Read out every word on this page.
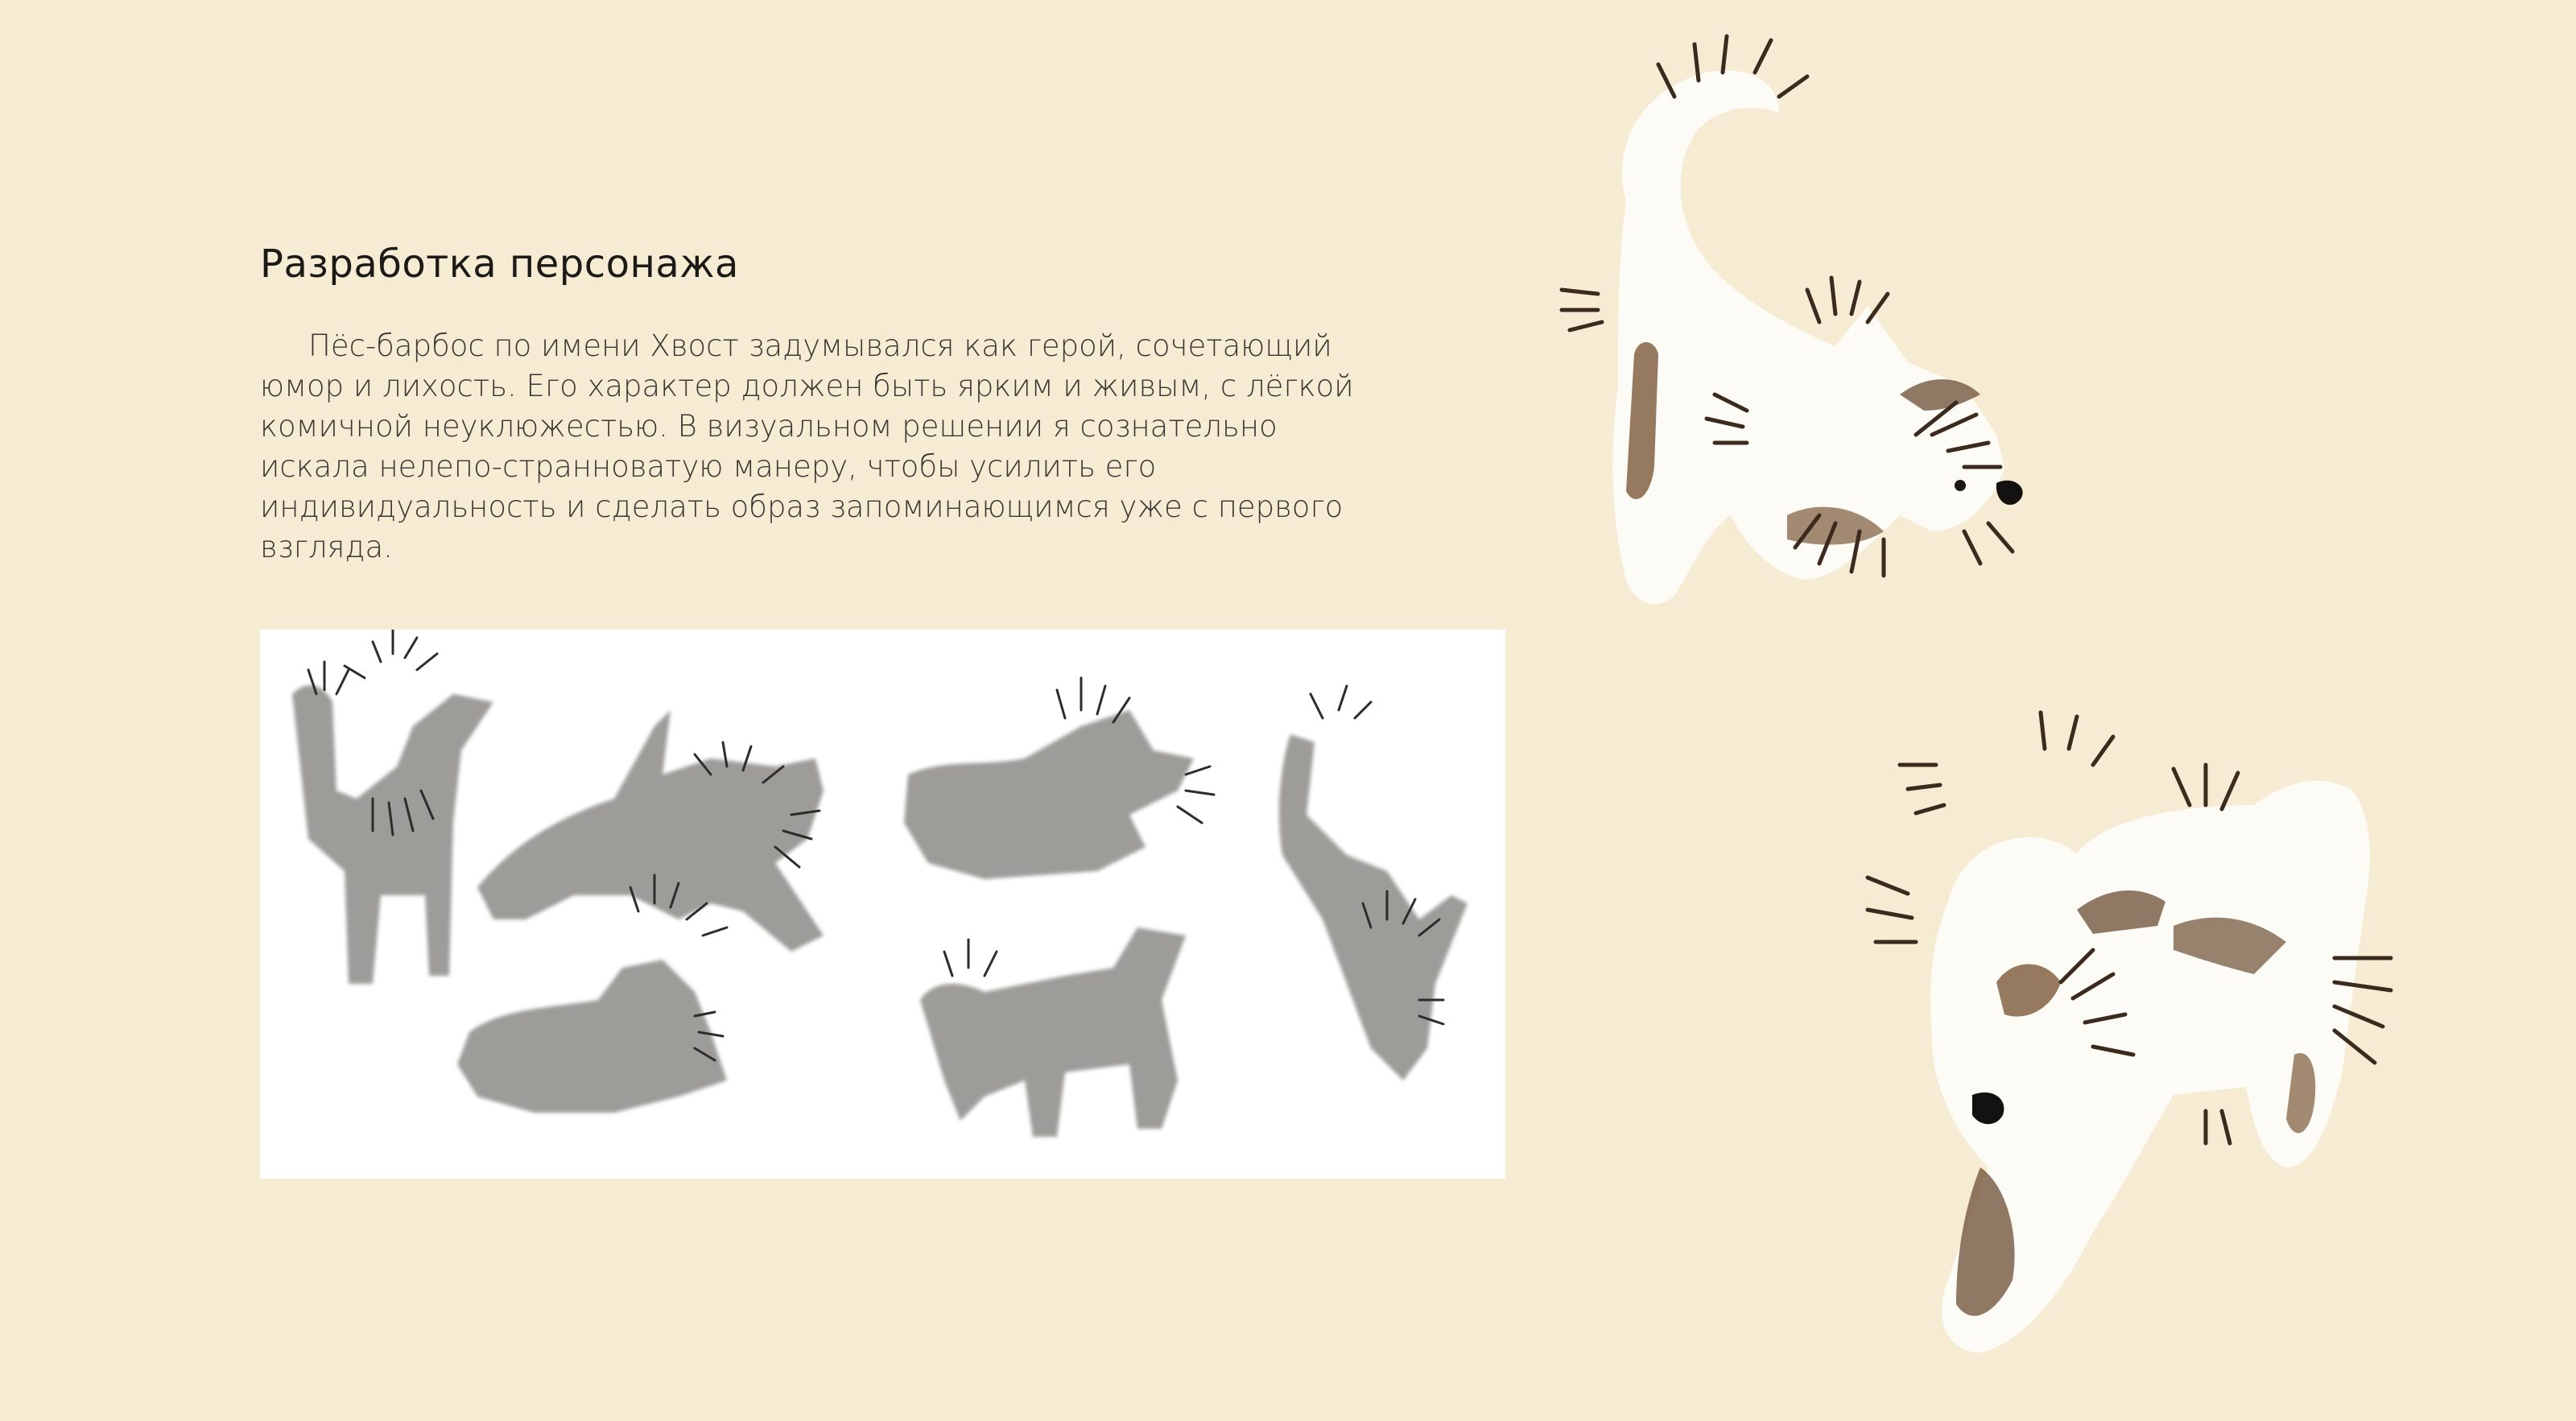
Разработка персонажа

Пёс-барбос по имени Хвост задумывался как герой, сочетающий юмор и лихость. Его характер должен быть ярким и живым, с лёгкой комичной неуклюжестью. В визуальном решении я сознательно искала нелепо-странноватую манеру, чтобы усилить его индивидуальность и сделать образ запоминающимся уже с первого взгляда.
